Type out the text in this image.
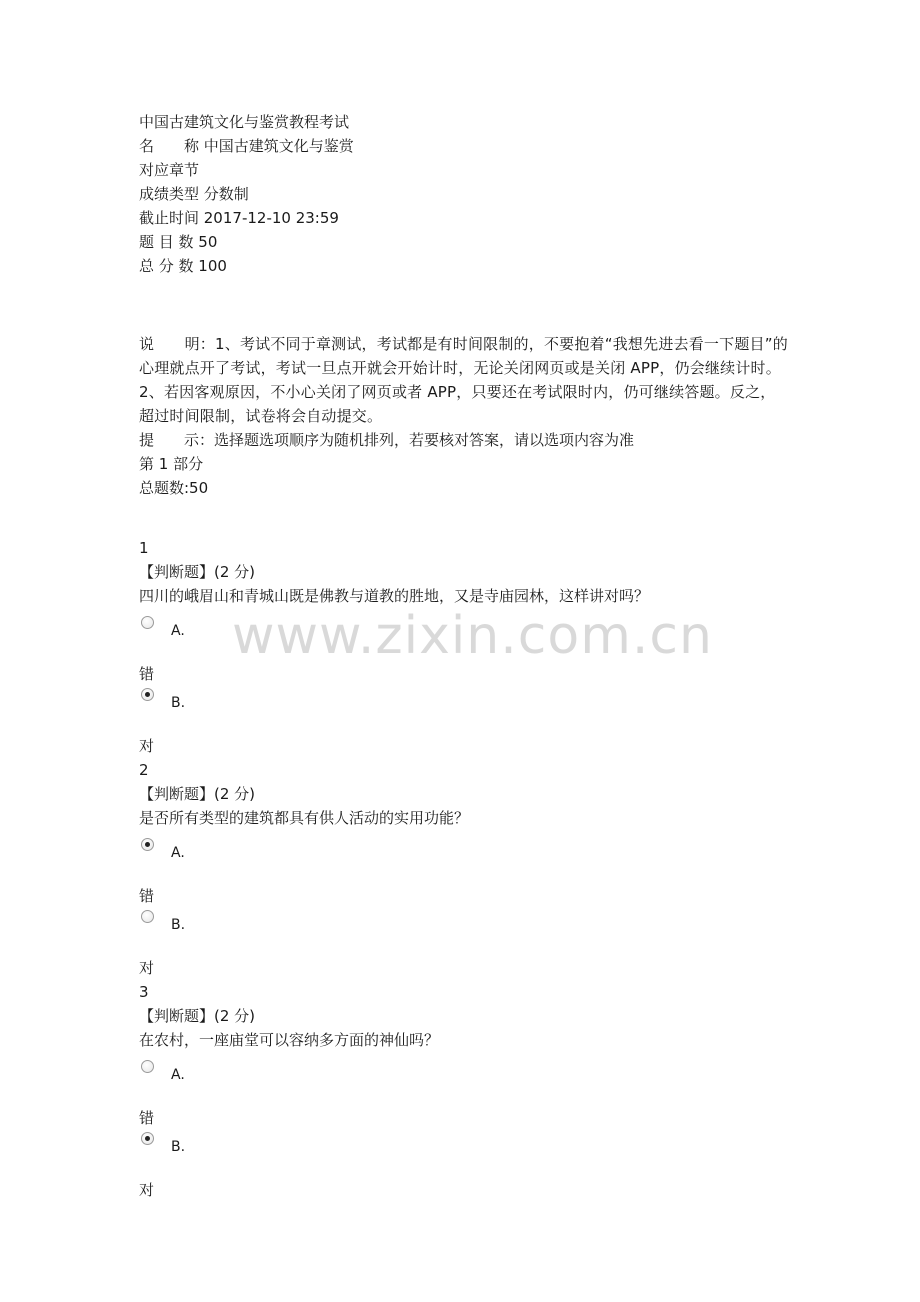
中国古建筑文化与鉴赏教程考试
名　　称 中国古建筑文化与鉴赏
对应章节
成绩类型 分数制
截止时间 2017-12-10 23:59
题 目 数 50
总 分 数 100
说　　明：1、考试不同于章测试，考试都是有时间限制的，不要抱着“我想先进去看一下题目”的心理就点开了考试，考试一旦点开就会开始计时，无论关闭网页或是关闭 APP，仍会继续计时。 2、若因客观原因，不小心关闭了网页或者 APP，只要还在考试限时内，仍可继续答题。反之，超过时间限制，试卷将会自动提交。
提　　示：选择题选项顺序为随机排列，若要核对答案，请以选项内容为准
第 1 部分
总题数:50
1
【判断题】(2 分)
四川的峨眉山和青城山既是佛教与道教的胜地，又是寺庙园林，这样讲对吗？
A.
错
B.
对
2
【判断题】(2 分)
是否所有类型的建筑都具有供人活动的实用功能？
A.
错
B.
对
3
【判断题】(2 分)
在农村，一座庙堂可以容纳多方面的神仙吗？
A.
错
B.
对
www.zixin.com.cn
